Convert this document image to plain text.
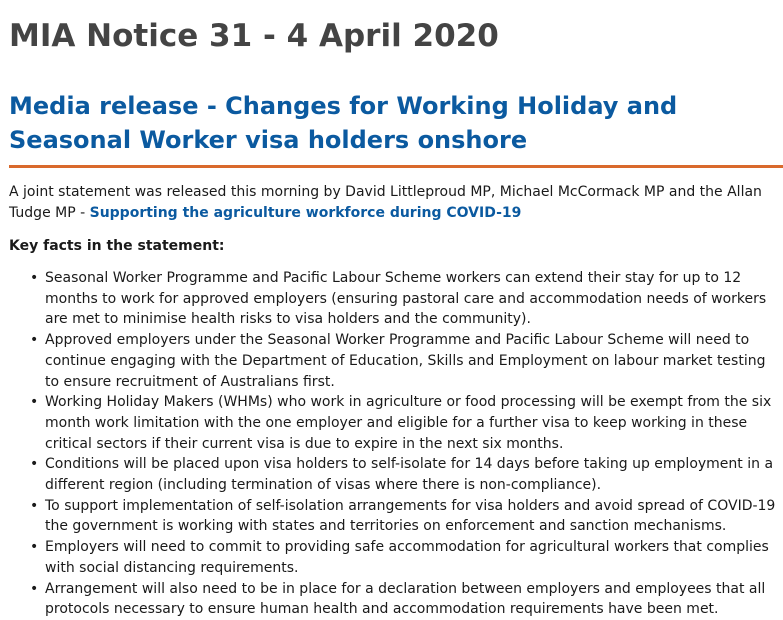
MIA Notice 31 - 4 April 2020
Media release - Changes for Working Holiday and Seasonal Worker visa holders onshore

A joint statement was released this morning by David Littleproud MP, Michael McCormack MP and the Allan Tudge MP - Supporting the agriculture workforce during COVID-19

Key facts in the statement:

• Seasonal Worker Programme and Pacific Labour Scheme workers can extend their stay for up to 12 months to work for approved employers (ensuring pastoral care and accommodation needs of workers are met to minimise health risks to visa holders and the community).
• Approved employers under the Seasonal Worker Programme and Pacific Labour Scheme will need to continue engaging with the Department of Education, Skills and Employment on labour market testing to ensure recruitment of Australians first.
• Working Holiday Makers (WHMs) who work in agriculture or food processing will be exempt from the six month work limitation with the one employer and eligible for a further visa to keep working in these critical sectors if their current visa is due to expire in the next six months.
• Conditions will be placed upon visa holders to self-isolate for 14 days before taking up employment in a different region (including termination of visas where there is non-compliance).
• To support implementation of self-isolation arrangements for visa holders and avoid spread of COVID-19 the government is working with states and territories on enforcement and sanction mechanisms.
• Employers will need to commit to providing safe accommodation for agricultural workers that complies with social distancing requirements.
• Arrangement will also need to be in place for a declaration between employers and employees that all protocols necessary to ensure human health and accommodation requirements have been met.
